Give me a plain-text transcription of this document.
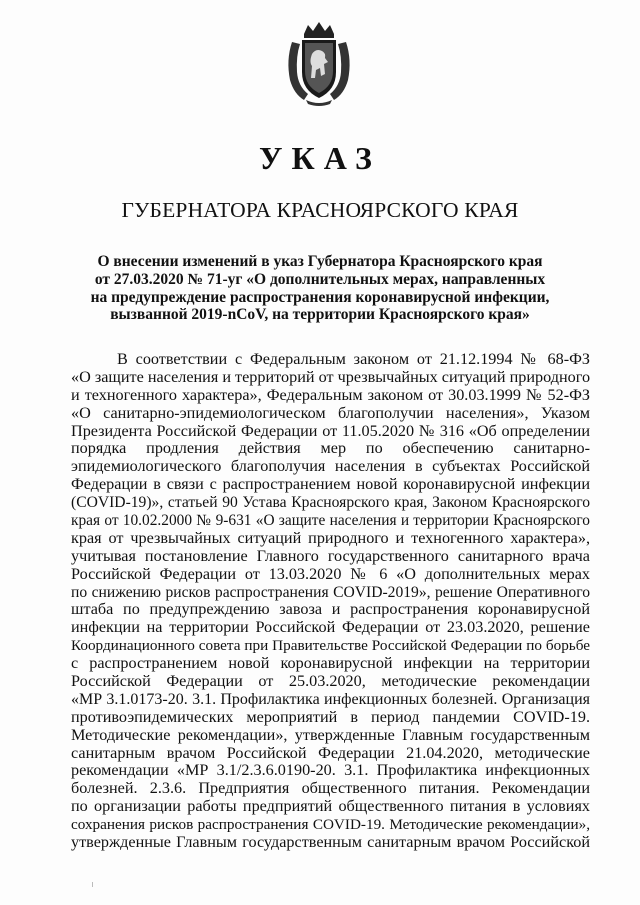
УКАЗ
ГУБЕРНАТОРА КРАСНОЯРСКОГО КРАЯ
О внесении изменений в указ Губернатора Красноярского края
от 27.03.2020 № 71-уг «О дополнительных мерах, направленных
на предупреждение распространения коронавирусной инфекции,
вызванной 2019-nCoV, на территории Красноярского края»
В соответствии с Федеральным законом от 21.12.1994 № 68-ФЗ
«О защите населения и территорий от чрезвычайных ситуаций природного
и техногенного характера», Федеральным законом от 30.03.1999 № 52-ФЗ
«О санитарно-эпидемиологическом благополучии населения», Указом
Президента Российской Федерации от 11.05.2020 № 316 «Об определении
порядка продления действия мер по обеспечению санитарно-
эпидемиологического благополучия населения в субъектах Российской
Федерации в связи с распространением новой коронавирусной инфекции
(COVID-19)», статьей 90 Устава Красноярского края, Законом Красноярского
края от 10.02.2000 № 9-631 «О защите населения и территории Красноярского
края от чрезвычайных ситуаций природного и техногенного характера»,
учитывая постановление Главного государственного санитарного врача
Российской Федерации от 13.03.2020 № 6 «О дополнительных мерах
по снижению рисков распространения COVID-2019», решение Оперативного
штаба по предупреждению завоза и распространения коронавирусной
инфекции на территории Российской Федерации от 23.03.2020, решение
Координационного совета при Правительстве Российской Федерации по борьбе
с распространением новой коронавирусной инфекции на территории
Российской Федерации от 25.03.2020, методические рекомендации
«МР 3.1.0173-20. 3.1. Профилактика инфекционных болезней. Организация
противоэпидемических мероприятий в период пандемии COVID-19.
Методические рекомендации», утвержденные Главным государственным
санитарным врачом Российской Федерации 21.04.2020, методические
рекомендации «МР 3.1/2.3.6.0190-20. 3.1. Профилактика инфекционных
болезней. 2.3.6. Предприятия общественного питания. Рекомендации
по организации работы предприятий общественного питания в условиях
сохранения рисков распространения COVID-19. Методические рекомендации»,
утвержденные Главным государственным санитарным врачом Российской
